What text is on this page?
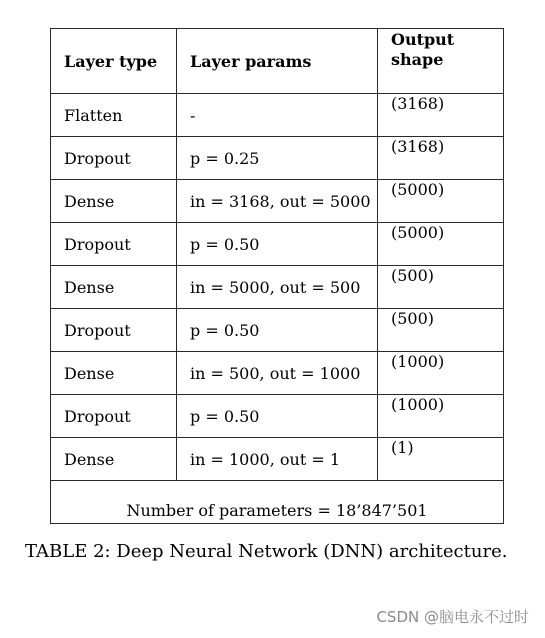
Layer type	Layer params	Output shape

Flatten	-	(3168)

Dropout	p = 0.25	(3168)

Dense	in = 3168, out = 5000	(5000)

Dropout	p = 0.50	(5000)

Dense	in = 5000, out = 500	(500)

Dropout	p = 0.50	(500)

Dense	in = 500, out = 1000	(1000)

Dropout	p = 0.50	(1000)

Dense	in = 1000, out = 1	(1)

Number of parameters = 18’847’501		
TABLE 2: Deep Neural Network (DNN) architecture.
CSDN @脑电永不过时
